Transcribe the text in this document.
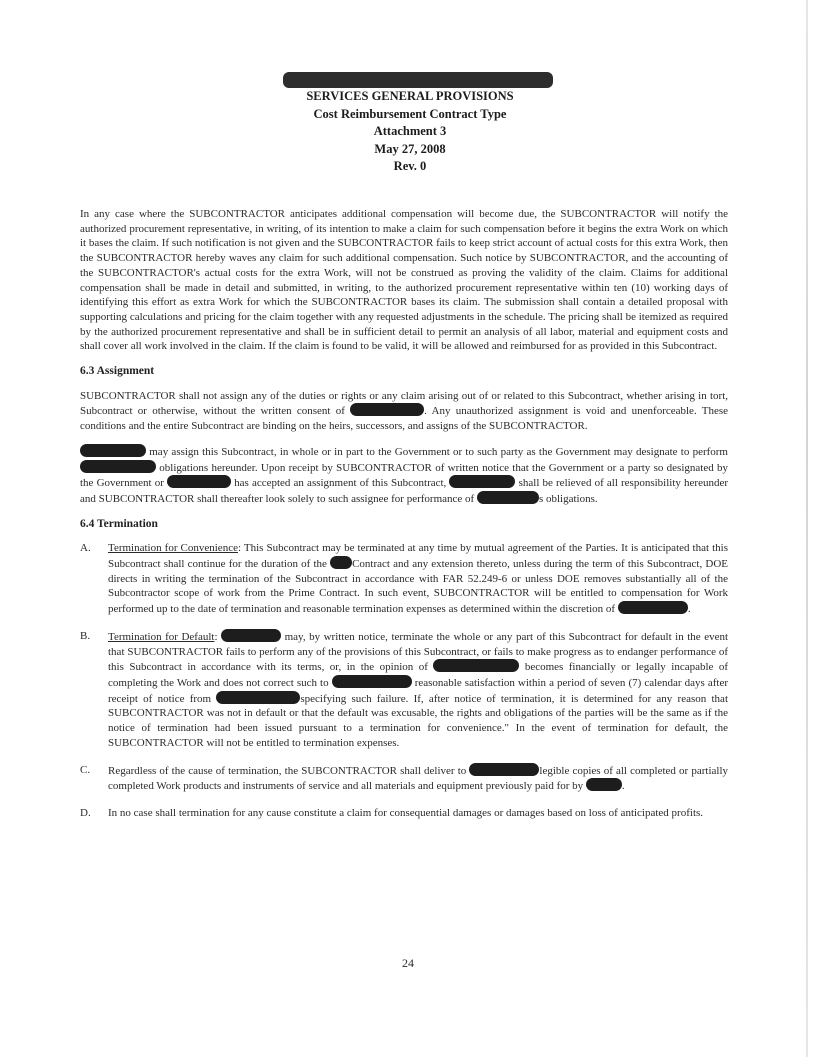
SERVICES GENERAL PROVISIONS
Cost Reimbursement Contract Type
Attachment 3
May 27, 2008
Rev. 0

In any case where the SUBCONTRACTOR anticipates additional compensation will become due, the SUBCONTRACTOR will notify the authorized procurement representative, in writing, of its intention to make a claim for such compensation before it begins the extra Work on which it bases the claim. If such notification is not given and the SUBCONTRACTOR fails to keep strict account of actual costs for this extra Work, then the SUBCONTRACTOR hereby waves any claim for such additional compensation. Such notice by SUBCONTRACTOR, and the accounting of the SUBCONTRACTOR's actual costs for the extra Work, will not be construed as proving the validity of the claim. Claims for additional compensation shall be made in detail and submitted, in writing, to the authorized procurement representative within ten (10) working days of identifying this effort as extra Work for which the SUBCONTRACTOR bases its claim. The submission shall contain a detailed proposal with supporting calculations and pricing for the claim together with any requested adjustments in the schedule. The pricing shall be itemized as required by the authorized procurement representative and shall be in sufficient detail to permit an analysis of all labor, material and equipment costs and shall cover all work involved in the claim. If the claim is found to be valid, it will be allowed and reimbursed for as provided in this Subcontract.

6.3 Assignment

SUBCONTRACTOR shall not assign any of the duties or rights or any claim arising out of or related to this Subcontract, whether arising in tort, Subcontract or otherwise, without the written consent of	. Any unauthorized assignment is void and unenforceable. These conditions and the entire Subcontract are binding on the heirs, successors, and assigns of the SUBCONTRACTOR.

may assign this Subcontract, in whole or in part to the Government or to such party as the Government may designate to perform  obligations hereunder. Upon receipt by SUBCONTRACTOR of written notice that the Government or a party so designated by the Government or	has accepted an assignment of this Subcontract,	shall be relieved of all responsibility hereunder and SUBCONTRACTOR shall thereafter look solely to such assignee for performance of	s obligations.

6.4 Termination
A. Termination for Convenience: This Subcontract may be terminated at any time by mutual agreement of the Parties. It is anticipated that this Subcontract shall continue for the duration of the Contract and any extension thereto, unless during the term of this Subcontract, DOE directs in writing the termination of the Subcontract in accordance with FAR 52.249-6 or unless DOE removes substantially all of the Subcontractor scope of work from the Prime Contract. In such event, SUBCONTRACTOR will be entitled to compensation for Work performed up to the date of termination and reasonable termination expenses as determined within the discretion of	.
B. Termination for Default:	may, by written notice, terminate the whole or any part of this Subcontract for default in the event that SUBCONTRACTOR fails to perform any of the provisions of this Subcontract, or fails to make progress as to endanger performance of this Subcontract in accordance with its terms, or, in the opinion of	becomes financially or legally incapable of completing the Work and does not correct such to	reasonable satisfaction within a period of seven (7) calendar days after receipt of notice from	specifying such failure. If, after notice of termination, it is determined for any reason that SUBCONTRACTOR was not in default or that the default was excusable, the rights and obligations of the parties will be the same as if the notice of termination had been issued pursuant to a termination for convenience." In the event of termination for default, the SUBCONTRACTOR will not be entitled to termination expenses.
C. Regardless of the cause of termination, the SUBCONTRACTOR shall deliver to	legible copies of all completed or partially completed Work products and instruments of service and all materials and equipment previously paid for by	.
D. In no case shall termination for any cause constitute a claim for consequential damages or damages based on loss of anticipated profits.
24
